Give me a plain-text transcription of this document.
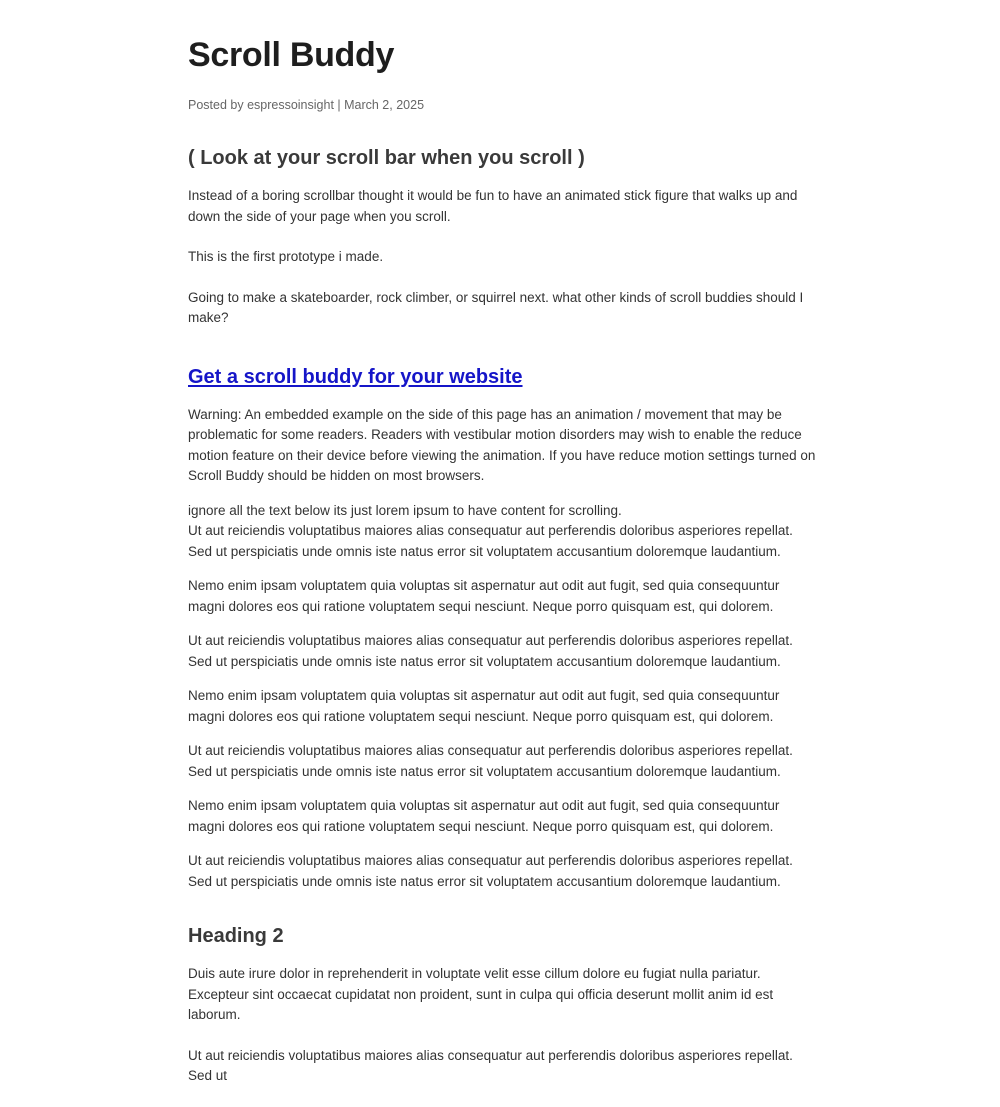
Scroll Buddy
Posted by espressoinsight | March 2, 2025
( Look at your scroll bar when you scroll )

Instead of a boring scrollbar thought it would be fun to have an animated stick figure that walks up and down the side of your page when you scroll.

This is the first prototype i made.

Going to make a skateboarder, rock climber, or squirrel next. what other kinds of scroll buddies should I make?

Get a scroll buddy for your website

Warning: An embedded example on the side of this page has an animation / movement that may be problematic for some readers. Readers with vestibular motion disorders may wish to enable the reduce motion feature on their device before viewing the animation. If you have reduce motion settings turned on Scroll Buddy should be hidden on most browsers.

ignore all the text below its just lorem ipsum to have content for scrolling.
Ut aut reiciendis voluptatibus maiores alias consequatur aut perferendis doloribus asperiores repellat. Sed ut perspiciatis unde omnis iste natus error sit voluptatem accusantium doloremque laudantium.

Nemo enim ipsam voluptatem quia voluptas sit aspernatur aut odit aut fugit, sed quia consequuntur magni dolores eos qui ratione voluptatem sequi nesciunt. Neque porro quisquam est, qui dolorem.

Ut aut reiciendis voluptatibus maiores alias consequatur aut perferendis doloribus asperiores repellat. Sed ut perspiciatis unde omnis iste natus error sit voluptatem accusantium doloremque laudantium.

Nemo enim ipsam voluptatem quia voluptas sit aspernatur aut odit aut fugit, sed quia consequuntur magni dolores eos qui ratione voluptatem sequi nesciunt. Neque porro quisquam est, qui dolorem.

Ut aut reiciendis voluptatibus maiores alias consequatur aut perferendis doloribus asperiores repellat. Sed ut perspiciatis unde omnis iste natus error sit voluptatem accusantium doloremque laudantium.

Nemo enim ipsam voluptatem quia voluptas sit aspernatur aut odit aut fugit, sed quia consequuntur magni dolores eos qui ratione voluptatem sequi nesciunt. Neque porro quisquam est, qui dolorem.

Ut aut reiciendis voluptatibus maiores alias consequatur aut perferendis doloribus asperiores repellat. Sed ut perspiciatis unde omnis iste natus error sit voluptatem accusantium doloremque laudantium.

Heading 2

Duis aute irure dolor in reprehenderit in voluptate velit esse cillum dolore eu fugiat nulla pariatur. Excepteur sint occaecat cupidatat non proident, sunt in culpa qui officia deserunt mollit anim id est laborum.

Ut aut reiciendis voluptatibus maiores alias consequatur aut perferendis doloribus asperiores repellat. Sed ut
